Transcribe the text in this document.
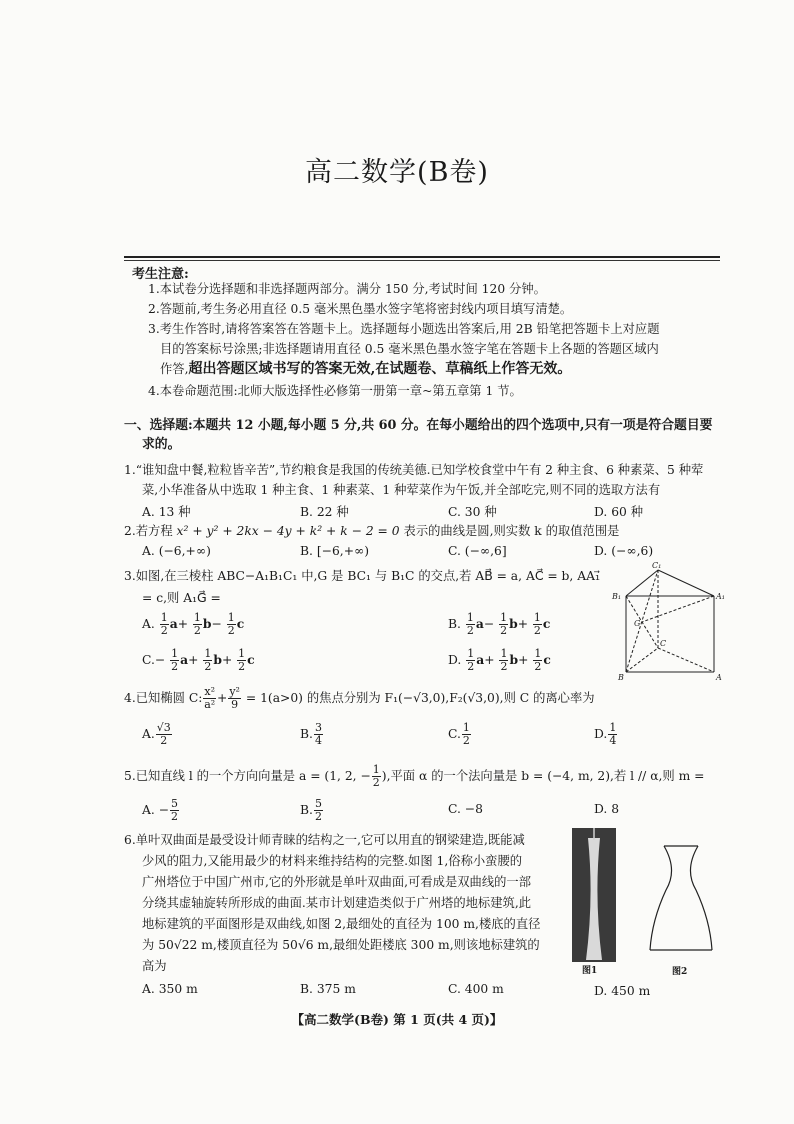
高二数学(B卷)
考生注意:
1.本试卷分选择题和非选择题两部分。满分 150 分,考试时间 120 分钟。
2.答题前,考生务必用直径 0.5 毫米黑色墨水签字笔将密封线内项目填写清楚。
3.考生作答时,请将答案答在答题卡上。选择题每小题选出答案后,用 2B 铅笔把答题卡上对应题
目的答案标号涂黑;非选择题请用直径 0.5 毫米黑色墨水签字笔在答题卡上各题的答题区域内
作答,超出答题区域书写的答案无效,在试题卷、草稿纸上作答无效。
4.本卷命题范围:北师大版选择性必修第一册第一章~第五章第 1 节。
一、选择题:本题共 12 小题,每小题 5 分,共 60 分。在每小题给出的四个选项中,只有一项是符合题目要
求的。
1.“谁知盘中餐,粒粒皆辛苦”,节约粮食是我国的传统美德.已知学校食堂中午有 2 种主食、6 种素菜、5 种荤
菜,小华准备从中选取 1 种主食、1 种素菜、1 种荤菜作为午饭,并全部吃完,则不同的选取方法有
A. 13 种	B. 22 种	C. 30 种	D. 60 种
2.若方程 x² + y² + 2kx − 4y + k² + k − 2 = 0 表示的曲线是圆,则实数 k 的取值范围是
A. (−6,+∞)	B. [−6,+∞)	C. (−∞,6]	D. (−∞,6)
3.如图,在三棱柱 ABC−A₁B₁C₁ 中,G 是 BC₁ 与 B₁C 的交点,若 AB⃗ = a, AC⃗ = b, AA₁⃗
= c,则 A₁G⃗ =
A. $\frac{1}{2} a+ \frac{1}{2} b- \frac{1}{2}$ c	B. $\frac{1}{2} a- \frac{1}{2} b+ \frac{1}{2}$ c
$C.- \frac{1}{2} a+ \frac{1}{2} b+ \frac{1}{2}$ c	D. $\frac{1}{2} a+ \frac{1}{2} b+ \frac{1}{2}$ c
C₁
B₁	A₁
G
C
B	A
4.已知椭圆 C: $\frac{\text{x²}}{\text{a²}} + \frac{\text{y²}}{9} = 1(a>0)$ 的焦点分别为 F₁(−√3,0),F₂(√3,0),则 C 的离心率为
A. $\frac{√3}{2}$	B. $\frac{3}{4}$	C. $\frac{1}{2}$	D. $\frac{1}{4}$
5.已知直线 l 的一个方向向量是 a = (1, 2, − $\frac{1}{2}$ ),平面 α 的一个法向量是 b = (−4, m, 2),若 l // α,则 m =
A. − $\frac{5}{2}$	B. $\frac{5}{2}$	C. −8	D. 8
6.单叶双曲面是最受设计师青睐的结构之一,它可以用直的钢梁建造,既能减
少风的阻力,又能用最少的材料来维持结构的完整.如图 1,俗称小蛮腰的
广州塔位于中国广州市,它的外形就是单叶双曲面,可看成是双曲线的一部
分绕其虚轴旋转所形成的曲面.某市计划建造类似于广州塔的地标建筑,此
地标建筑的平面图形是双曲线,如图 2,最细处的直径为 100 m,楼底的直径
为 50√22 m,楼顶直径为 50√6 m,最细处距楼底 300 m,则该地标建筑的
高为
A. 350 m	B. 375 m	C. 400 m	D. 450 m
图1	图2
【高二数学(B卷) 第 1 页(共 4 页)】
